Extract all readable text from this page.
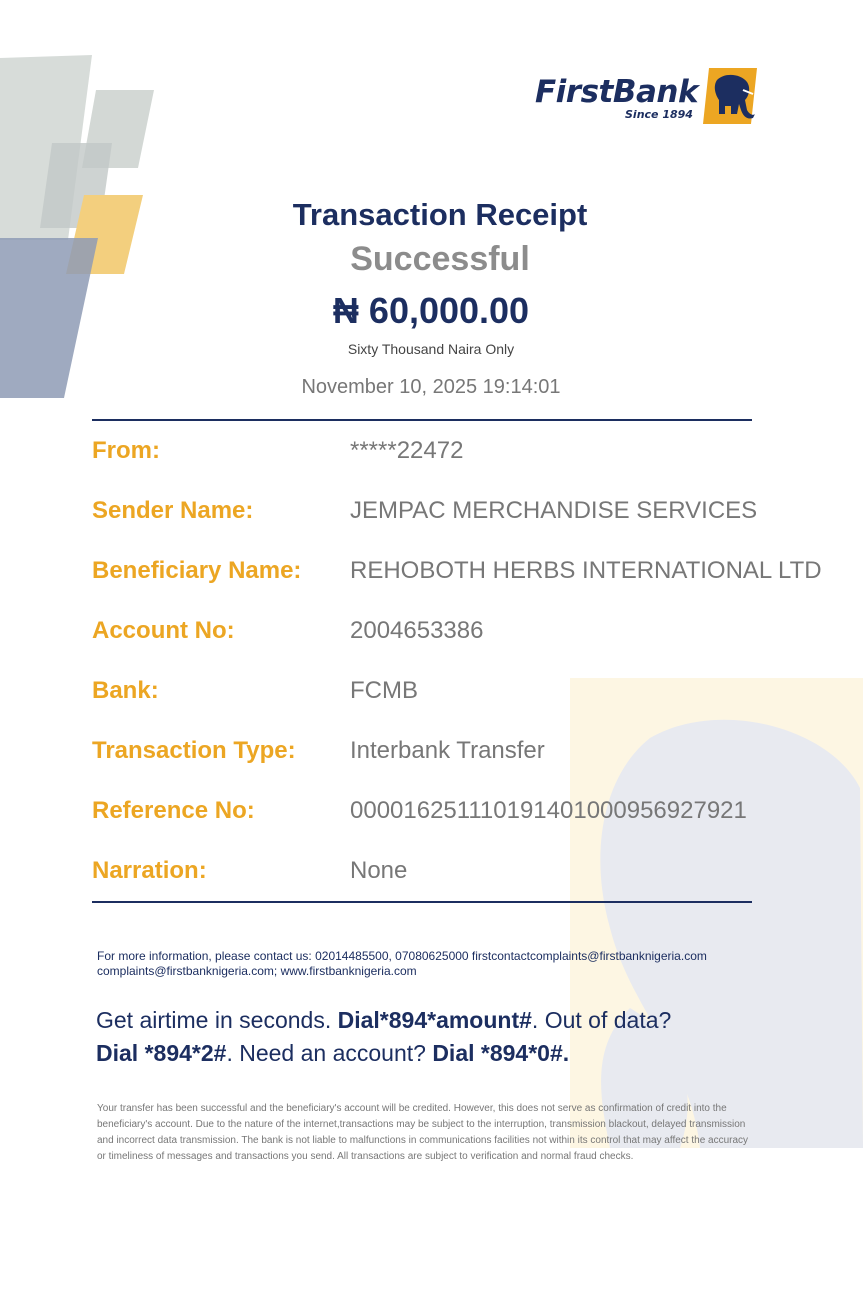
FirstBank
Since 1894
Transaction Receipt
Successful
₦ 60,000.00
Sixty Thousand Naira Only
November 10, 2025 19:14:01
From:	*****22472
Sender Name:	JEMPAC MERCHANDISE SERVICES
Beneficiary Name: REHOBOTH HERBS INTERNATIONAL LTD
Account No:	2004653386
Bank:	FCMB
Transaction Type: Interbank Transfer
Reference No:	000016251110191401000956927921
Narration:	None
For more information, please contact us: 02014485500, 07080625000 firstcontactcomplaints@firstbanknigeria.com
complaints@firstbanknigeria.com; www.firstbanknigeria.com
Get airtime in seconds. Dial*894*amount#. Out of data?
Dial *894*2#. Need an account? Dial *894*0#.
Your transfer has been successful and the beneficiary's account will be credited. However, this does not serve as confirmation of credit into the beneficiary's account. Due to the nature of the internet,transactions may be subject to the interruption, transmission blackout, delayed transmission and incorrect data transmission. The bank is not liable to malfunctions in communications facilities not within its control that may affect the accuracy or timeliness of messages and transactions you send. All transactions are subject to verification and normal fraud checks.
